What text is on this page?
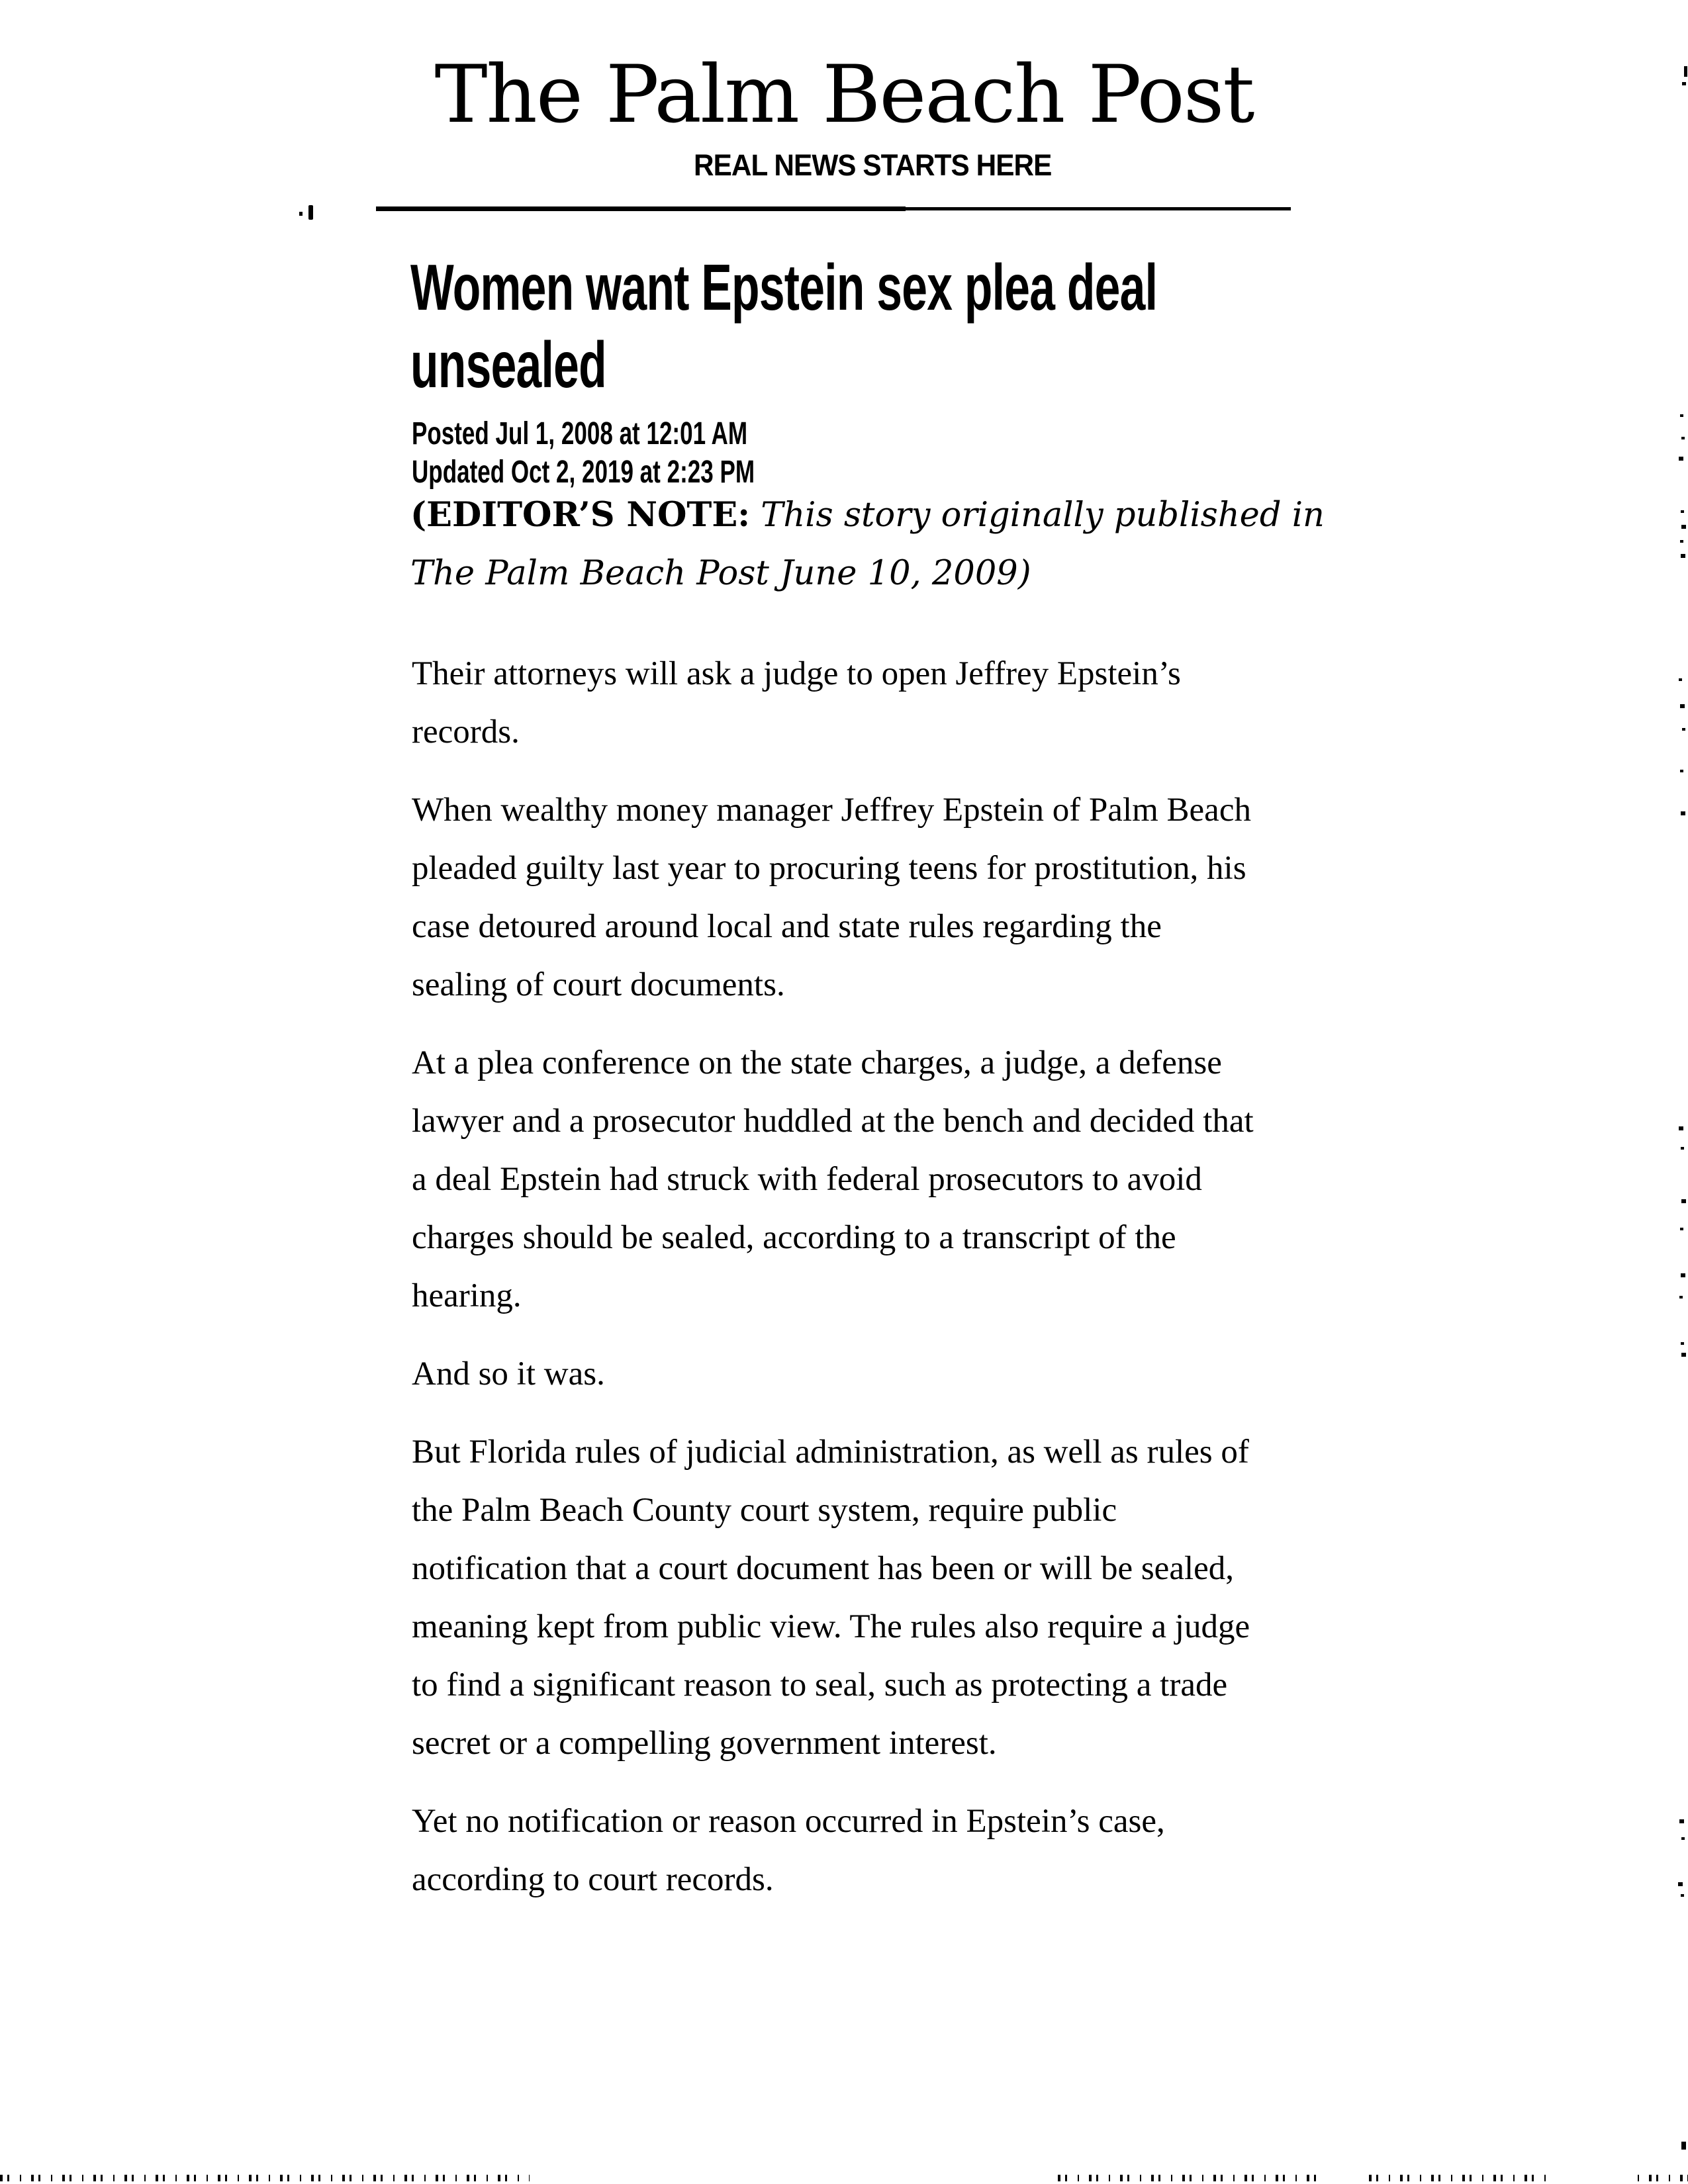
The Palm Beach Post
REAL NEWS STARTS HERE
Women want Epstein sex plea deal unsealed
Posted Jul 1, 2008 at 12:01 AM
Updated Oct 2, 2019 at 2:23 PM

(EDITOR’S NOTE: This story originally published in The Palm Beach Post June 10, 2009)

Their attorneys will ask a judge to open Jeffrey Epstein’s records.

When wealthy money manager Jeffrey Epstein of Palm Beach pleaded guilty last year to procuring teens for prostitution, his case detoured around local and state rules regarding the sealing of court documents.

At a plea conference on the state charges, a judge, a defense lawyer and a prosecutor huddled at the bench and decided that a deal Epstein had struck with federal prosecutors to avoid charges should be sealed, according to a transcript of the hearing.

And so it was.

But Florida rules of judicial administration, as well as rules of the Palm Beach County court system, require public notification that a court document has been or will be sealed, meaning kept from public view. The rules also require a judge to find a significant reason to seal, such as protecting a trade secret or a compelling government interest.

Yet no notification or reason occurred in Epstein’s case, according to court records.
